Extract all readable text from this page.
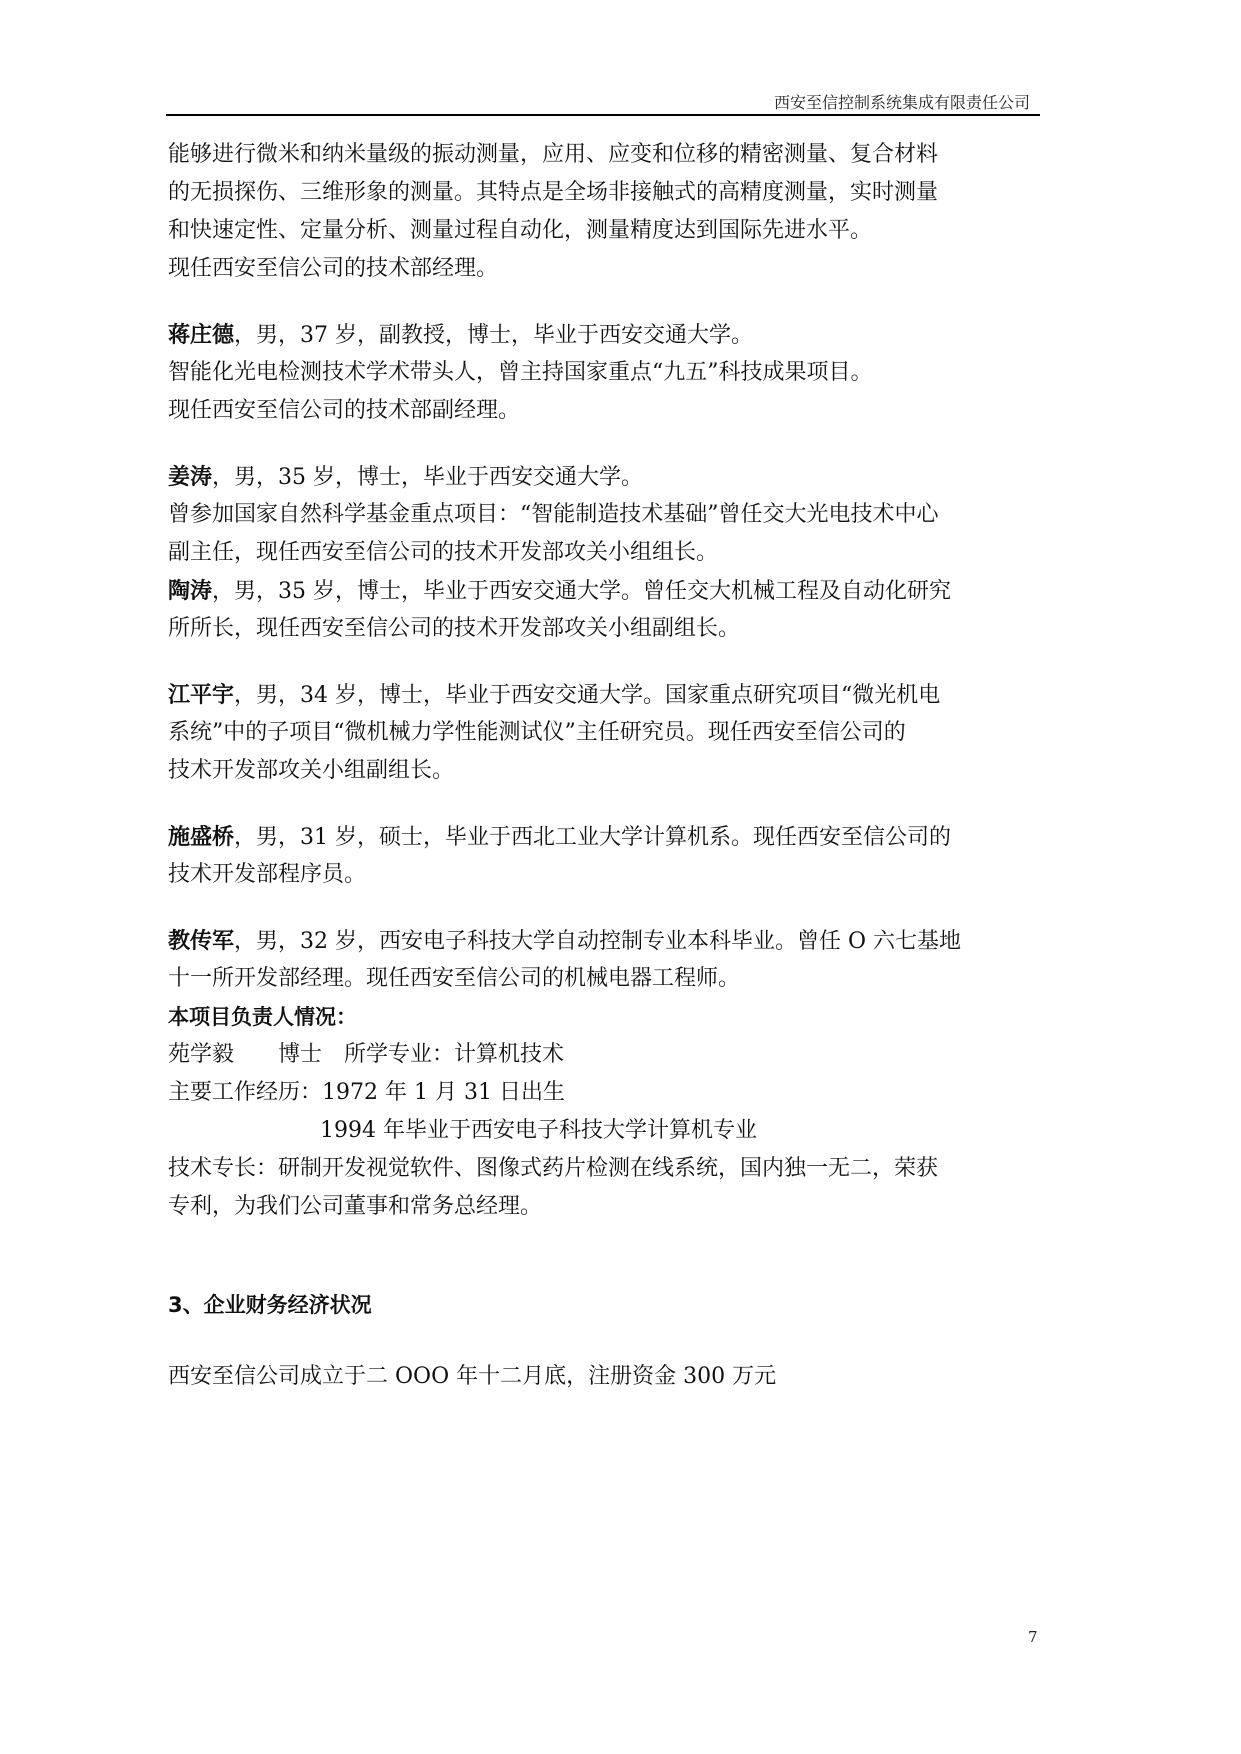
西安至信控制系统集成有限责任公司
能够进行微米和纳米量级的振动测量，应用、应变和位移的精密测量、复合材料
的无损探伤、三维形象的测量。其特点是全场非接触式的高精度测量，实时测量
和快速定性、定量分析、测量过程自动化，测量精度达到国际先进水平。
现任西安至信公司的技术部经理。
蒋庄德，男，37 岁，副教授，博士，毕业于西安交通大学。
智能化光电检测技术学术带头人，曾主持国家重点“九五”科技成果项目。
现任西安至信公司的技术部副经理。
姜涛，男，35 岁，博士，毕业于西安交通大学。
曾参加国家自然科学基金重点项目：“智能制造技术基础”曾任交大光电技术中心
副主任，现任西安至信公司的技术开发部攻关小组组长。
陶涛，男，35 岁，博士，毕业于西安交通大学。曾任交大机械工程及自动化研究
所所长，现任西安至信公司的技术开发部攻关小组副组长。
江平宇，男，34 岁，博士，毕业于西安交通大学。国家重点研究项目“微光机电
系统”中的子项目“微机械力学性能测试仪”主任研究员。现任西安至信公司的
技术开发部攻关小组副组长。
施盛桥，男，31 岁，硕士，毕业于西北工业大学计算机系。现任西安至信公司的
技术开发部程序员。
教传军，男，32 岁，西安电子科技大学自动控制专业本科毕业。曾任 O 六七基地
十一所开发部经理。现任西安至信公司的机械电器工程师。
本项目负责人情况：
苑学毅　　博士　所学专业：计算机技术
主要工作经历：1972 年 1 月 31 日出生
1994 年毕业于西安电子科技大学计算机专业
技术专长：研制开发视觉软件、图像式药片检测在线系统，国内独一无二，荣获
专利，为我们公司董事和常务总经理。
3、企业财务经济状况
西安至信公司成立于二 OOO 年十二月底，注册资金 300 万元
7
